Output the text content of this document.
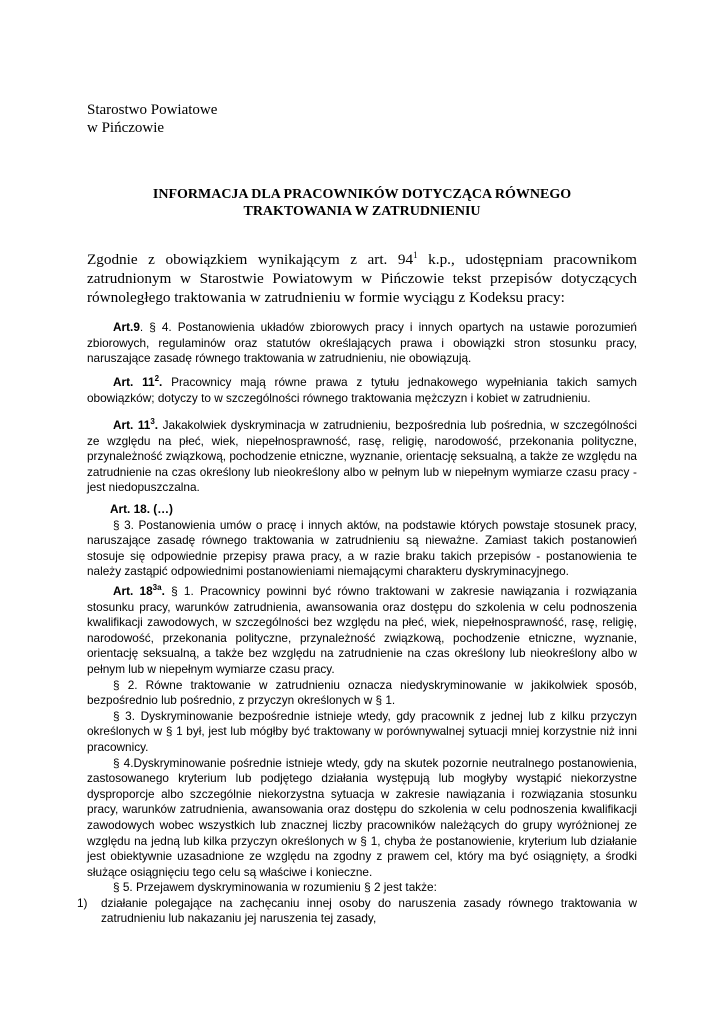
Starostwo Powiatowe
w Pińczowie
INFORMACJA DLA PRACOWNIKÓW DOTYCZĄCA RÓWNEGO
TRAKTOWANIA W ZATRUDNIENIU
Zgodnie z obowiązkiem wynikającym z art. $94^1$ k.p., udostępniam pracownikom zatrudnionym w Starostwie Powiatowym w Pińczowie tekst przepisów dotyczących równoległego traktowania w zatrudnieniu w formie wyciągu z Kodeksu pracy:

Art.9. § 4. Postanowienia układów zbiorowych pracy i innych opartych na ustawie porozumień zbiorowych, regulaminów oraz statutów określających prawa i obowiązki stron stosunku pracy, naruszające zasadę równego traktowania w zatrudnieniu, nie obowiązują.

Art. $11^2$. Pracownicy mają równe prawa z tytułu jednakowego wypełniania takich samych obowiązków; dotyczy to w szczególności równego traktowania mężczyzn i kobiet w zatrudnieniu.

Art. $11^3$. Jakakolwiek dyskryminacja w zatrudnieniu, bezpośrednia lub pośrednia, w szczególności ze względu na płeć, wiek, niepełnosprawność, rasę, religię, narodowość, przekonania polityczne, przynależność związkową, pochodzenie etniczne, wyznanie, orientację seksualną, a także ze względu na zatrudnienie na czas określony lub nieokreślony albo w pełnym lub w niepełnym wymiarze czasu pracy - jest niedopuszczalna.

Art. 18. (…)

§ 3. Postanowienia umów o pracę i innych aktów, na podstawie których powstaje stosunek pracy, naruszające zasadę równego traktowania w zatrudnieniu są nieważne. Zamiast takich postanowień stosuje się odpowiednie przepisy prawa pracy, a w razie braku takich przepisów - postanowienia te należy zastąpić odpowiednimi postanowieniami niemającymi charakteru dyskryminacyjnego.

Art. $18^{3a}$. § 1. Pracownicy powinni być równo traktowani w zakresie nawiązania i rozwiązania stosunku pracy, warunków zatrudnienia, awansowania oraz dostępu do szkolenia w celu podnoszenia kwalifikacji zawodowych, w szczególności bez względu na płeć, wiek, niepełnosprawność, rasę, religię, narodowość, przekonania polityczne, przynależność związkową, pochodzenie etniczne, wyznanie, orientację seksualną, a także bez względu na zatrudnienie na czas określony lub nieokreślony albo w pełnym lub w niepełnym wymiarze czasu pracy.

§ 2. Równe traktowanie w zatrudnieniu oznacza niedyskryminowanie w jakikolwiek sposób, bezpośrednio lub pośrednio, z przyczyn określonych w § 1.

§ 3. Dyskryminowanie bezpośrednie istnieje wtedy, gdy pracownik z jednej lub z kilku przyczyn określonych w § 1 był, jest lub mógłby być traktowany w porównywalnej sytuacji mniej korzystnie niż inni pracownicy.

§ 4.Dyskryminowanie pośrednie istnieje wtedy, gdy na skutek pozornie neutralnego postanowienia, zastosowanego kryterium lub podjętego działania występują lub mogłyby wystąpić niekorzystne dysproporcje albo szczególnie niekorzystna sytuacja w zakresie nawiązania i rozwiązania stosunku pracy, warunków zatrudnienia, awansowania oraz dostępu do szkolenia w celu podnoszenia kwalifikacji zawodowych wobec wszystkich lub znacznej liczby pracowników należących do grupy wyróżnionej ze względu na jedną lub kilka przyczyn określonych w § 1, chyba że postanowienie, kryterium lub działanie jest obiektywnie uzasadnione ze względu na zgodny z prawem cel, który ma być osiągnięty, a środki służące osiągnięciu tego celu są właściwe i konieczne.

§ 5. Przejawem dyskryminowania w rozumieniu § 2 jest także:

1) działanie polegające na zachęcaniu innej osoby do naruszenia zasady równego traktowania w zatrudnieniu lub nakazaniu jej naruszenia tej zasady,
